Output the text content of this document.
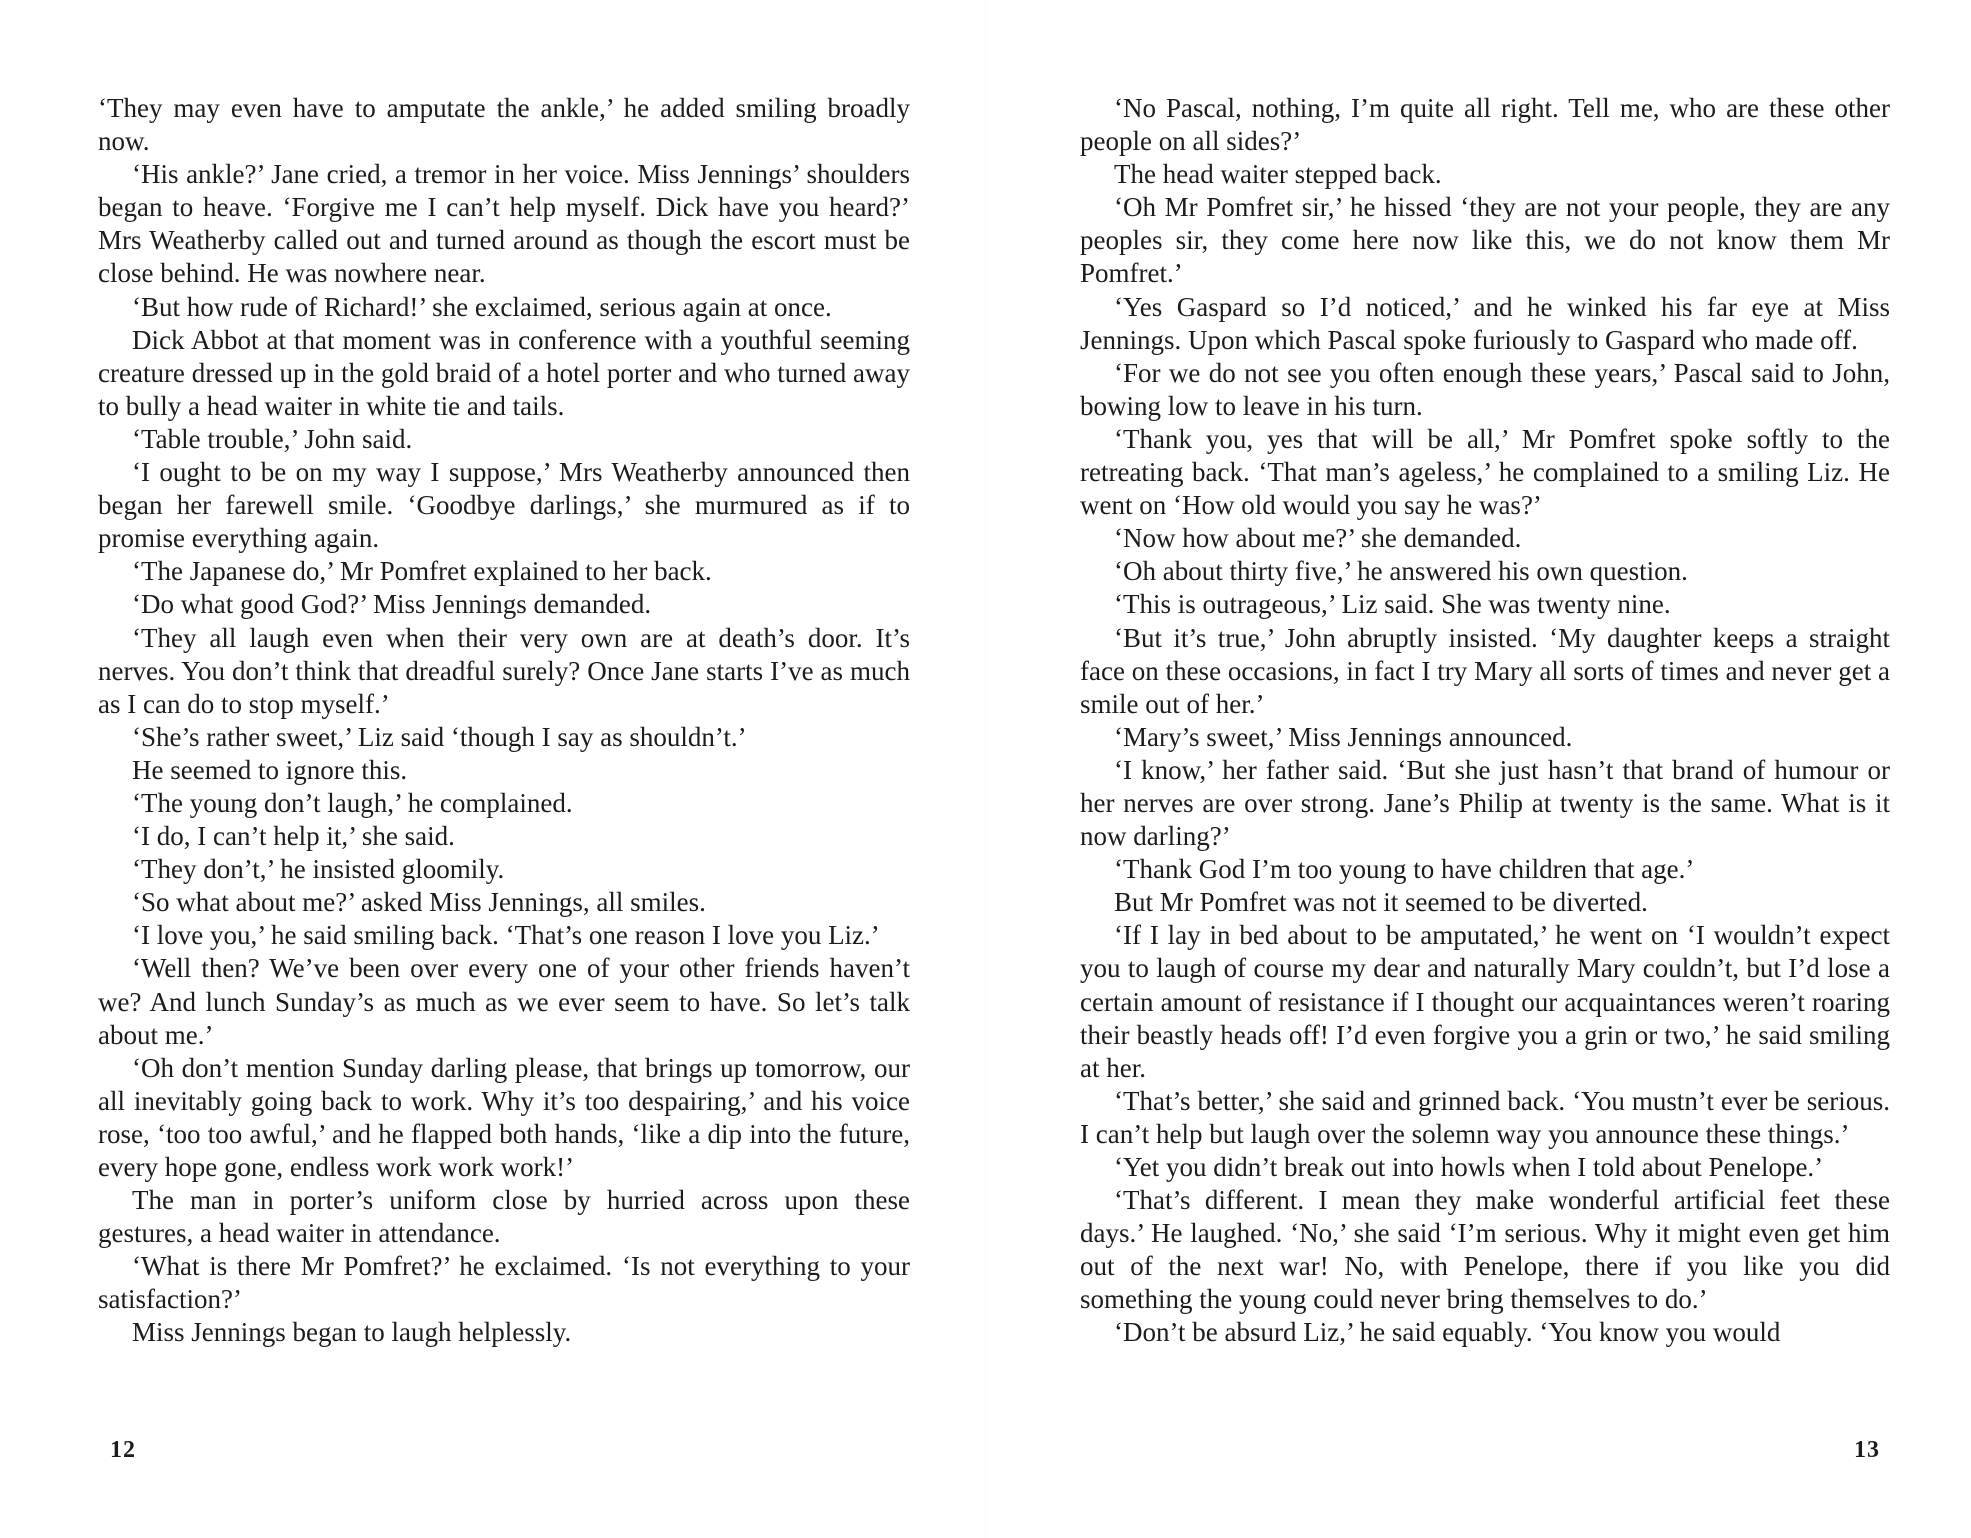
‘They may even have to amputate the ankle,’ he added smiling broadly now.

‘His ankle?’ Jane cried, a tremor in her voice. Miss Jennings’ shoulders began to heave. ‘Forgive me I can’t help myself. Dick have you heard?’ Mrs Weatherby called out and turned around as though the escort must be close behind. He was nowhere near.

‘But how rude of Richard!’ she exclaimed, serious again at once.

Dick Abbot at that moment was in conference with a youthful seeming creature dressed up in the gold braid of a hotel porter and who turned away to bully a head waiter in white tie and tails.

‘Table trouble,’ John said.

‘I ought to be on my way I suppose,’ Mrs Weatherby announced then began her farewell smile. ‘Goodbye darlings,’ she murmured as if to promise everything again.

‘The Japanese do,’ Mr Pomfret explained to her back.

‘Do what good God?’ Miss Jennings demanded.

‘They all laugh even when their very own are at death’s door. It’s nerves. You don’t think that dreadful surely? Once Jane starts I’ve as much as I can do to stop myself.’

‘She’s rather sweet,’ Liz said ‘though I say as shouldn’t.’

He seemed to ignore this.

‘The young don’t laugh,’ he complained.

‘I do, I can’t help it,’ she said.

‘They don’t,’ he insisted gloomily.

‘So what about me?’ asked Miss Jennings, all smiles.

‘I love you,’ he said smiling back. ‘That’s one reason I love you Liz.’

‘Well then? We’ve been over every one of your other friends haven’t we? And lunch Sunday’s as much as we ever seem to have. So let’s talk about me.’

‘Oh don’t mention Sunday darling please, that brings up tomorrow, our all inevitably going back to work. Why it’s too despairing,’ and his voice rose, ‘too too awful,’ and he flapped both hands, ‘like a dip into the future, every hope gone, endless work work work!’

The man in porter’s uniform close by hurried across upon these gestures, a head waiter in attendance.

‘What is there Mr Pomfret?’ he exclaimed. ‘Is not everything to your satisfaction?’

Miss Jennings began to laugh helplessly.

12

‘No Pascal, nothing, I’m quite all right. Tell me, who are these other people on all sides?’

The head waiter stepped back.

‘Oh Mr Pomfret sir,’ he hissed ‘they are not your people, they are any peoples sir, they come here now like this, we do not know them Mr Pomfret.’

‘Yes Gaspard so I’d noticed,’ and he winked his far eye at Miss Jennings. Upon which Pascal spoke furiously to Gaspard who made off.

‘For we do not see you often enough these years,’ Pascal said to John, bowing low to leave in his turn.

‘Thank you, yes that will be all,’ Mr Pomfret spoke softly to the retreating back. ‘That man’s ageless,’ he complained to a smiling Liz. He went on ‘How old would you say he was?’

‘Now how about me?’ she demanded.

‘Oh about thirty five,’ he answered his own question.

‘This is outrageous,’ Liz said. She was twenty nine.

‘But it’s true,’ John abruptly insisted. ‘My daughter keeps a straight face on these occasions, in fact I try Mary all sorts of times and never get a smile out of her.’

‘Mary’s sweet,’ Miss Jennings announced.

‘I know,’ her father said. ‘But she just hasn’t that brand of humour or her nerves are over strong. Jane’s Philip at twenty is the same. What is it now darling?’

‘Thank God I’m too young to have children that age.’

But Mr Pomfret was not it seemed to be diverted.

‘If I lay in bed about to be amputated,’ he went on ‘I wouldn’t expect you to laugh of course my dear and naturally Mary couldn’t, but I’d lose a certain amount of resistance if I thought our acquaintances weren’t roaring their beastly heads off! I’d even forgive you a grin or two,’ he said smiling at her.

‘That’s better,’ she said and grinned back. ‘You mustn’t ever be serious. I can’t help but laugh over the solemn way you announce these things.’

‘Yet you didn’t break out into howls when I told about Penelope.’

‘That’s different. I mean they make wonderful artificial feet these days.’ He laughed. ‘No,’ she said ‘I’m serious. Why it might even get him out of the next war! No, with Penelope, there if you like you did something the young could never bring themselves to do.’

‘Don’t be absurd Liz,’ he said equably. ‘You know you would

13
